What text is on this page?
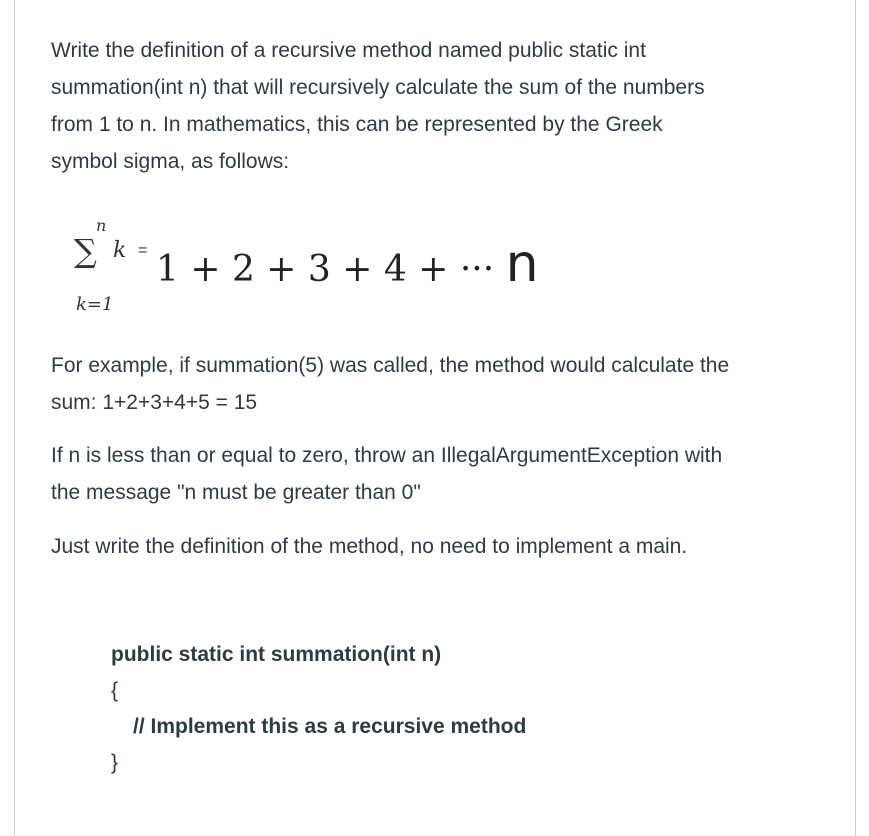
Write the definition of a recursive method named public static int
summation(int n) that will recursively calculate the sum of the numbers
from 1 to n. In mathematics, this can be represented by the Greek
symbol sigma, as follows:
n
∑ k =
k=1
1 + 2 + 3 + 4 + ··· n
For example, if summation(5) was called, the method would calculate the
sum: 1+2+3+4+5 = 15
If n is less than or equal to zero, throw an IllegalArgumentException with
the message "n must be greater than 0"
Just write the definition of the method, no need to implement a main.
public static int summation(int n)
{
// Implement this as a recursive method
}
